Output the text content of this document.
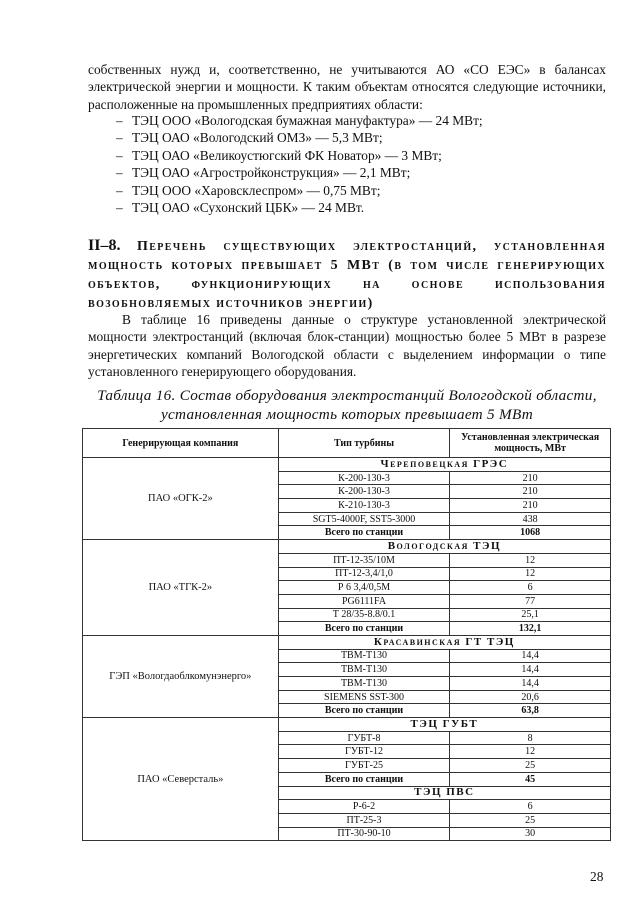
собственных нужд и, соответственно, не учитываются АО «СО ЕЭС» в балансах электрической энергии и мощности. К таким объектам относятся следующие источники, расположенные на промышленных предприятиях области:
– ТЭЦ ООО «Вологодская бумажная мануфактура» — 24 МВт;
– ТЭЦ ОАО «Вологодский ОМЗ» — 5,3 МВт;
– ТЭЦ ОАО «Великоустюгский ФК Новатор» — 3 МВт;
– ТЭЦ ОАО «Агростройконструкция» — 2,1 МВт;
– ТЭЦ ООО «Харовсклеспром» — 0,75 МВт;
– ТЭЦ ОАО «Сухонский ЦБК» — 24 МВт.
II–8. Перечень существующих электростанций, установленная мощность которых превышает 5 МВт (в том числе генерирующих объектов, функционирующих на основе использования возобновляемых источников энергии)
В таблице 16 приведены данные о структуре установленной электрической мощности электростанций (включая блок-станции) мощностью более 5 МВт в разрезе энергетических компаний Вологодской области с выделением информации о типе установленного генерирующего оборудования.
Таблица 16. Состав оборудования электростанций Вологодской области, установленная мощность которых превышает 5 МВт
Генерирующая компания	Тип турбины	Установленная электрическая мощность, МВт
ПАО «ОГК-2»	Череповецкая ГРЭС	
	К-200-130-3	210
	К-200-130-3	210
	К-210-130-3	210
	SGT5-4000F, SST5-3000	438
	Всего по станции	1068
ПАО «ТГК-2»	Вологодская ТЭЦ	
	ПТ-12-35/10М	12
	ПТ-12-3,4/1,0	12
	Р 6 3,4/0,5М	6
	PG6111FA	77
	Т 28/35-8.8/0.1	25,1
	Всего по станции	132,1
ГЭП «Вологдаоблкомунэнерго»	Красавинская ГТ ТЭЦ	
	ТВМ-Т130	14,4
	ТВМ-Т130	14,4
	ТВМ-Т130	14,4
	SIEMENS SST-300	20,6
	Всего по станции	63,8
ПАО «Северсталь»	ТЭЦ ГУБТ	
	ГУБТ-8	8
	ГУБТ-12	12
	ГУБТ-25	25
	Всего по станции	45
	ТЭЦ ПВС	
	Р-6-2	6
	ПТ-25-3	25
	ПТ-30-90-10	30
28
